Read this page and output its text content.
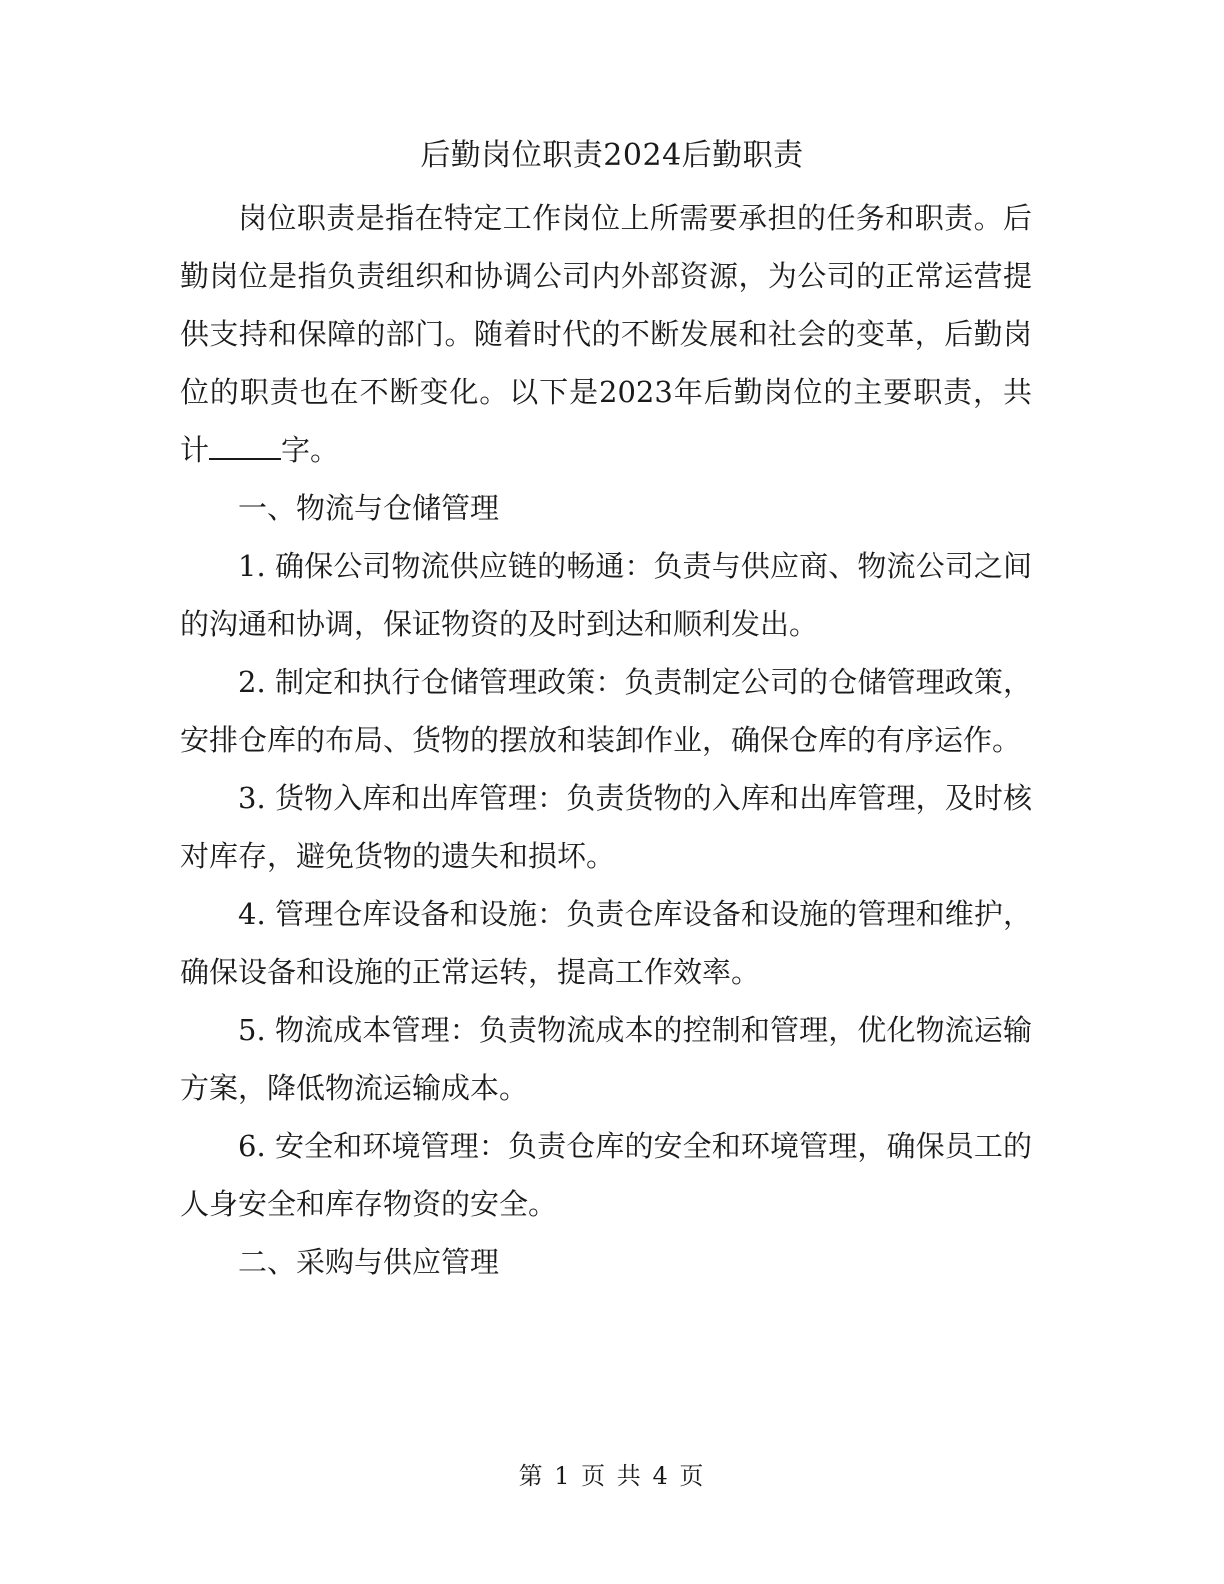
后勤岗位职责2024后勤职责

岗位职责是指在特定工作岗位上所需要承担的任务和职责。后勤岗位是指负责组织和协调公司内外部资源，为公司的正常运营提供支持和保障的部门。随着时代的不断发展和社会的变革，后勤岗位的职责也在不断变化。以下是2023年后勤岗位的主要职责，共计 字。

一、物流与仓储管理

1. 确保公司物流供应链的畅通：负责与供应商、物流公司之间的沟通和协调，保证物资的及时到达和顺利发出。

2. 制定和执行仓储管理政策：负责制定公司的仓储管理政策，安排仓库的布局、货物的摆放和装卸作业，确保仓库的有序运作。

3. 货物入库和出库管理：负责货物的入库和出库管理，及时核对库存，避免货物的遗失和损坏。

4. 管理仓库设备和设施：负责仓库设备和设施的管理和维护，确保设备和设施的正常运转，提高工作效率。

5. 物流成本管理：负责物流成本的控制和管理，优化物流运输方案，降低物流运输成本。

6. 安全和环境管理：负责仓库的安全和环境管理，确保员工的人身安全和库存物资的安全。

二、采购与供应管理

第 1 页 共 4 页
